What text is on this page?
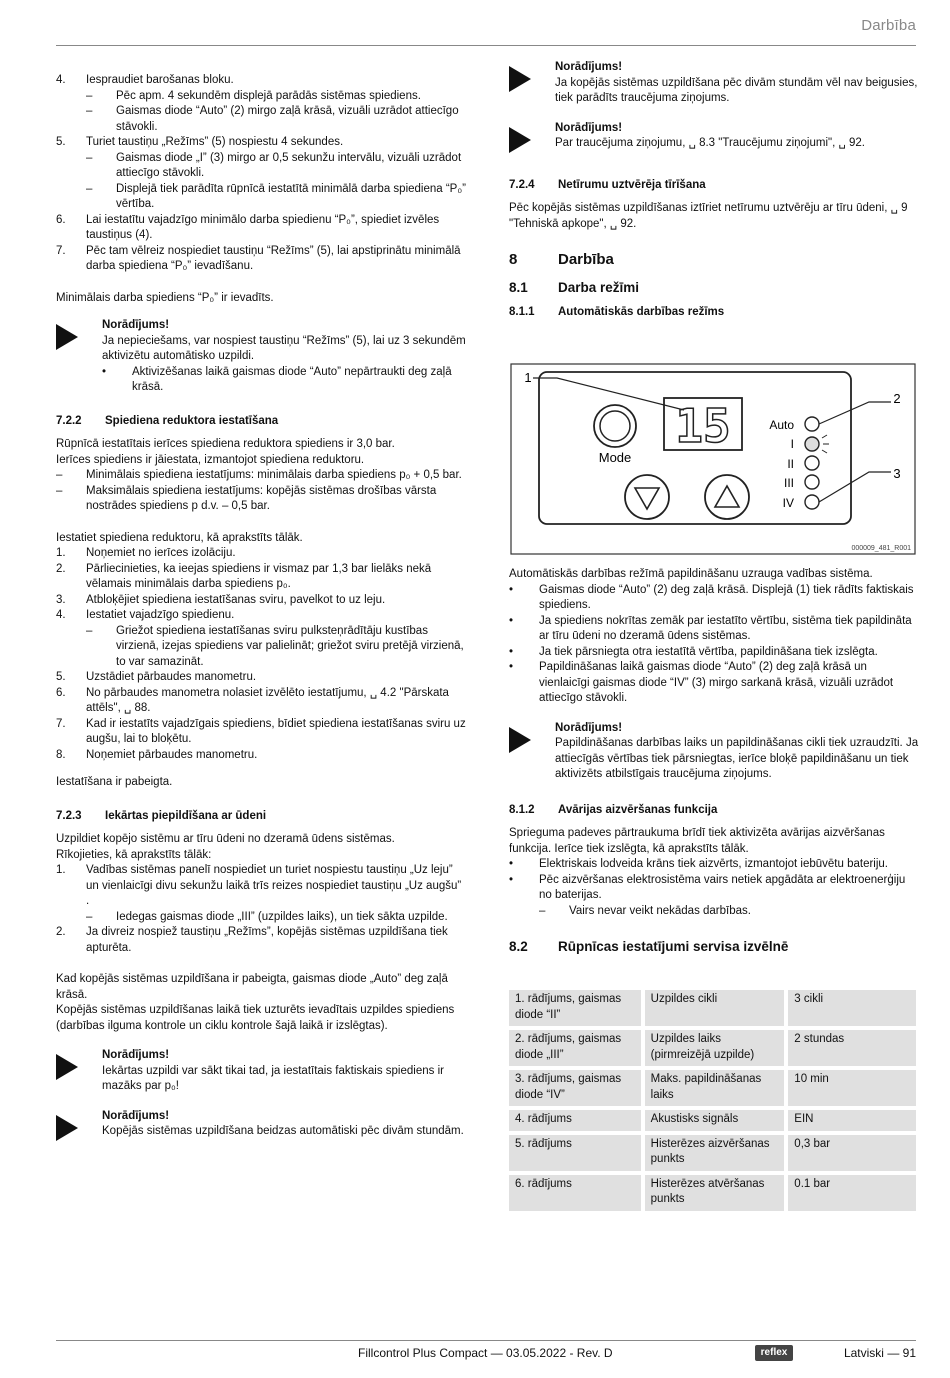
Darbība
4. Iespraudiet barošanas bloku.
– Pēc apm. 4 sekundēm displejā parādās sistēmas spiediens.
– Gaismas diode “Auto” (2) mirgo zaļā krāsā, vizuāli uzrādot attiecīgo stāvokli.
5. Turiet taustiņu „Režīms” (5) nospiestu 4 sekundes.
– Gaismas diode „I” (3) mirgo ar 0,5 sekunžu intervālu, vizuāli uzrādot attiecīgo stāvokli.
– Displejā tiek parādīta rūpnīcā iestatītā minimālā darba spiediena “P₀” vērtība.
6. Lai iestatītu vajadzīgo minimālo darba spiedienu “P₀”, spiediet izvēles taustiņus (4).
7. Pēc tam vēlreiz nospiediet taustiņu “Režīms” (5), lai apstiprinātu minimālā darba spiediena “P₀” ievadīšanu.
Minimālais darba spiediens “P₀” ir ievadīts.
Norādījums!
Ja nepieciešams, var nospiest taustiņu “Režīms” (5), lai uz 3 sekundēm aktivizētu automātisko uzpildi.
• Aktivizēšanas laikā gaismas diode “Auto” nepārtraukti deg zaļā krāsā.
7.2.2 Spiediena reduktora iestatīšana
Rūpnīcā iestatītais ierīces spiediena reduktora spiediens ir 3,0 bar.
Ierīces spiediens ir jāiestata, izmantojot spiediena reduktoru.
– Minimālais spiediena iestatījums: minimālais darba spiediens p₀ + 0,5 bar.
– Maksimālais spiediena iestatījums: kopējās sistēmas drošības vārsta nostrādes spiediens p d.v. – 0,5 bar.
Iestatiet spiediena reduktoru, kā aprakstīts tālāk.
1. Noņemiet no ierīces izolāciju.
2. Pārliecinieties, ka ieejas spiediens ir vismaz par 1,3 bar lielāks nekā vēlamais minimālais darba spiediens p₀.
3. Atbloķējiet spiediena iestatīšanas sviru, pavelkot to uz leju.
4. Iestatiet vajadzīgo spiedienu.
– Griežot spiediena iestatīšanas sviru pulksteņrādītāju kustības virzienā, izejas spiediens var palielināt; griežot sviru pretējā virzienā, to var samazināt.
5. Uzstādiet pārbaudes manometru.
6. No pārbaudes manometra nolasiet izvēlēto iestatījumu, ␣ 4.2 "Pārskata attēls", ␣ 88.
7. Kad ir iestatīts vajadzīgais spiediens, bīdiet spiediena iestatīšanas sviru uz augšu, lai to bloķētu.
8. Noņemiet pārbaudes manometru.
Iestatīšana ir pabeigta.
7.2.3 Iekārtas piepildīšana ar ūdeni
Uzpildiet kopējo sistēmu ar tīru ūdeni no dzeramā ūdens sistēmas.
Rīkojieties, kā aprakstīts tālāk:
1. Vadības sistēmas panelī nospiediet un turiet nospiestu taustiņu „Uz leju” un vienlaicīgi divu sekunžu laikā trīs reizes nospiediet taustiņu „Uz augšu” .
– Iedegas gaismas diode „III” (uzpildes laiks), un tiek sākta uzpilde.
2. Ja divreiz nospiež taustiņu „Režīms”, kopējās sistēmas uzpildīšana tiek apturēta.
Kad kopējās sistēmas uzpildīšana ir pabeigta, gaismas diode „Auto” deg zaļā krāsā.
Kopējās sistēmas uzpildīšanas laikā tiek uzturēts ievadītais uzpildes spiediens (darbības ilguma kontrole un ciklu kontrole šajā laikā ir izslēgtas).
Norādījums!
Iekārtas uzpildi var sākt tikai tad, ja iestatītais faktiskais spiediens ir mazāks par p₀!
Norādījums!
Kopējās sistēmas uzpildīšana beidzas automātiski pēc divām stundām.
Norādījums!
Ja kopējās sistēmas uzpildīšana pēc divām stundām vēl nav beigusies, tiek parādīts traucējuma ziņojums.
Norādījums!
Par traucējuma ziņojumu, ␣ 8.3 "Traucējumu ziņojumi", ␣ 92.
7.2.4 Netīrumu uztvērēja tīrīšana
Pēc kopējās sistēmas uzpildīšanas iztīriet netīrumu uztvērēju ar tīru ūdeni, ␣ 9 "Tehniskā apkope", ␣ 92.
8	Darbība
8.1 Darba režīmi
8.1.1 Automātiskās darbības režīms
Mode
15	Auto
I
II
III
IV
1
2
3
000009_481_R001
Automātiskās darbības režīmā papildināšanu uzrauga vadības sistēma.
• Gaismas diode “Auto” (2) deg zaļā krāsā. Displejā (1) tiek rādīts faktiskais spiediens.
• Ja spiediens nokrītas zemāk par iestatīto vērtību, sistēma tiek papildināta ar tīru ūdeni no dzeramā ūdens sistēmas.
• Ja tiek pārsniegta otra iestatītā vērtība, papildināšana tiek izslēgta.
• Papildināšanas laikā gaismas diode “Auto” (2) deg zaļā krāsā un vienlaicīgi gaismas diode “IV” (3) mirgo sarkanā krāsā, vizuāli uzrādot attiecīgo stāvokli.
Norādījums!
Papildināšanas darbības laiks un papildināšanas cikli tiek uzraudzīti. Ja attiecīgās vērtības tiek pārsniegtas, ierīce bloķē papildināšanu un tiek aktivizēts atbilstīgais traucējuma ziņojums.
8.1.2 Avārijas aizvēršanas funkcija
Sprieguma padeves pārtraukuma brīdī tiek aktivizēta avārijas aizvēršanas funkcija. Ierīce tiek izslēgta, kā aprakstīts tālāk.
• Elektriskais lodveida krāns tiek aizvērts, izmantojot iebūvētu bateriju.
• Pēc aizvēršanas elektrosistēma vairs netiek apgādāta ar elektroenerģiju no baterijas.
– Vairs nevar veikt nekādas darbības.
8.2 Rūpnīcas iestatījumi servisa izvēlnē
1. rādījums, gaismas diode “II”	Uzpildes cikli	3 cikli
2. rādījums, gaismas diode „III”	Uzpildes laiks (pirmreizējā uzpilde)	2 stundas
3. rādījums, gaismas diode “IV”	Maks. papildināšanas laiks	10 min
4. rādījums	Akustisks signāls	EIN
5. rādījums	Histerēzes aizvēršanas punkts	0,3 bar
6. rādījums	Histerēzes atvēršanas punkts	0.1 bar
Fillcontrol Plus Compact — 03.05.2022 - Rev. D	reflex	Latviski — 91
